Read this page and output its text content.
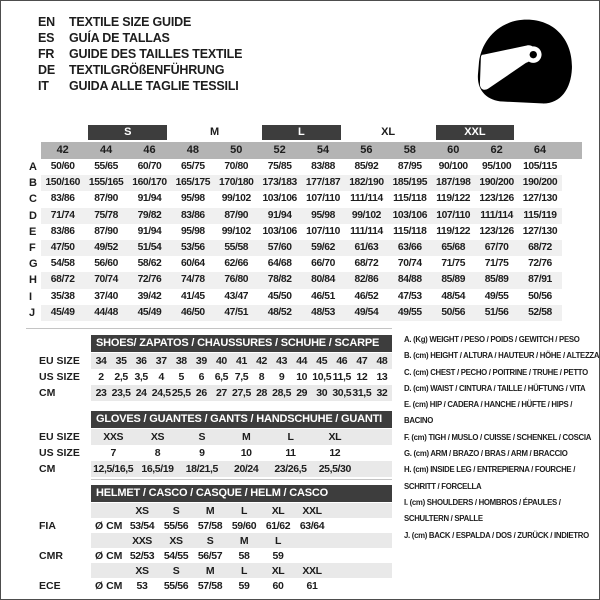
EN	TEXTILE SIZE GUIDE
ES	GUÍA DE TALLAS
FR	GUIDE DES TAILLES TEXTILE
DE	TEXTILGRÖßENFÜHRUNG
IT	GUIDA ALLE TAGLIE TESSILI
S	M	L	XL	XXL
42	44	46	48	50	52	54	56	58	60	62	64
A	50/60	55/65	60/70	65/75	70/80	75/85	83/88	85/92	87/95	90/100	95/100	105/115
B 150/160 155/165 160/170 165/175 170/180 173/183 177/187 182/190 185/195 187/198 190/200 190/200
C	83/86	87/90	91/94	95/98	99/102	103/106 107/110 111/114	115/118 119/122 123/126 127/130
D	71/74	75/78	79/82	83/86	87/90	91/94	95/98	99/102	103/106 107/110 111/114	115/119
E	83/86	87/90	91/94	95/98	99/102	103/106 107/110 111/114	115/118 119/122 123/126 127/130
F	47/50	49/52	51/54	53/56	55/58	57/60	59/62	61/63	63/66	65/68	67/70	68/72
G	54/58	56/60	58/62	60/64	62/66	64/68	66/70	68/72	70/74	71/75	71/75	72/76
H	68/72	70/74	72/76	74/78	76/80	78/82	80/84	82/86	84/88	85/89	85/89	87/91
I	35/38	37/40	39/42	41/45	43/47	45/50	46/51	46/52	47/53	48/54	49/55	50/56
J	45/49	44/48	45/49	46/50	47/51	48/52	48/53	49/54	49/55	50/56	51/56	52/58
SHOES/ ZAPATOS / CHAUSSURES / SCHUHE / SCARPE
EU SIZE	34 35 36 37 38 39 40 41 42 43 44 45 46 47 48
US SIZE	2	2,5 3,5	4	5	6	6,5 7,5	8	9	10 10,5 11,5 12 13
CM	23 23,5 24 24,5 25,5 26 27 27,5 28 28,5 29 30 30,5 31,5 32
GLOVES / GUANTES / GANTS / HANDSCHUHE / GUANTI
EU SIZE	XXS	XS	S	M	L	XL
US SIZE	7	8	9	10	11	12
CM	12,5/16,5 16,5/19	18/21,5	20/24	23/26,5	25,5/30
HELMET / CASCO / CASQUE / HELM / CASCO
XS	S	M	L	XL	XXL
FIA	Ø CM 53/54 55/56 57/58 59/60 61/62 63/64
XXS	XS	S	M	L
CMR	Ø CM 52/53 54/55 56/57	58	59
XS	S	M	L	XL	XXL
ECE	Ø CM	53	55/56 57/58	59	60	61
A. (Kg) WEIGHT / PESO / POIDS / GEWITCH / PESO
B. (cm) HEIGHT / ALTURA / HAUTEUR / HÖHE / ALTEZZA
C. (cm) CHEST / PECHO / POITRINE / TRUHE / PETTO
D. (cm) WAIST / CINTURA / TAILLE / HÜFTUNG / VITA
E. (cm) HIP / CADERA / HANCHE / HÜFTE / HIPS / BACINO
F. (cm) TIGH / MUSLO / CUISSE / SCHENKEL / COSCIA
G. (cm) ARM / BRAZO / BRAS / ARM / BRACCIO
H. (cm) INSIDE LEG / ENTREPIERNA / FOURCHE / SCHRITT / FORCELLA
I. (cm) SHOULDERS / HOMBROS / ÉPAULES / SCHULTERN / SPALLE
J. (cm) BACK / ESPALDA / DOS / ZURÜCK / INDIETRO
